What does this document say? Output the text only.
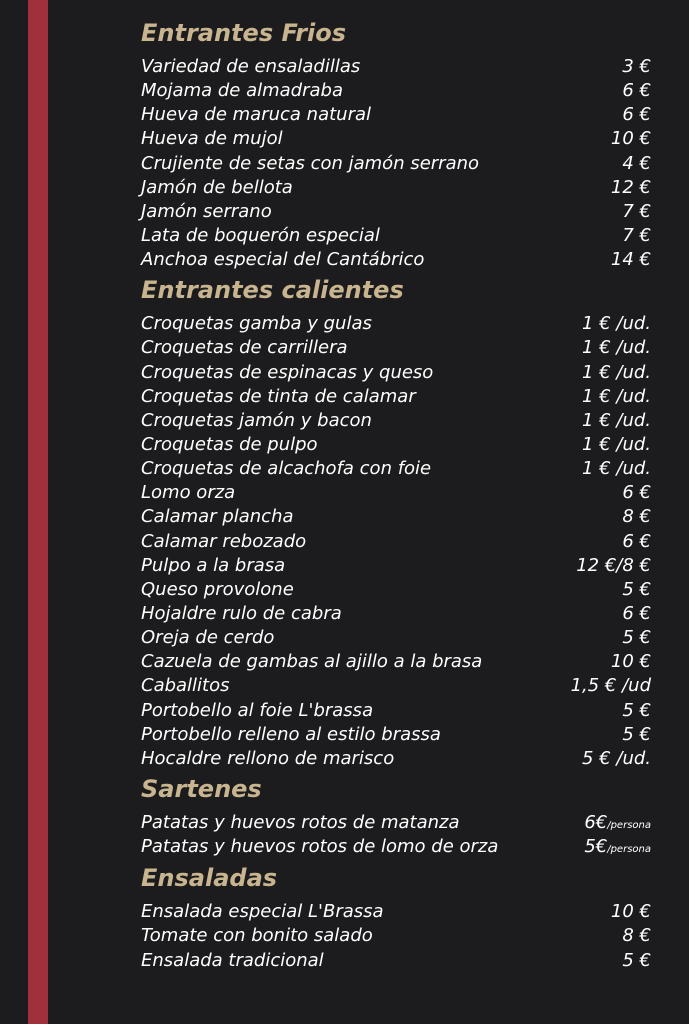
Entrantes Frios
Variedad de ensaladillas	3 €
Mojama de almadraba	6 €
Hueva de maruca natural	6 €
Hueva de mujol	10 €
Crujiente de setas con jamón serrano	4 €
Jamón de bellota	12 €
Jamón serrano	7 €
Lata de boquerón especial	7 €
Anchoa especial del Cantábrico	14 €
Entrantes calientes
Croquetas gamba y gulas	1 € /ud.
Croquetas de carrillera	1 € /ud.
Croquetas de espinacas y queso	1 € /ud.
Croquetas de tinta de calamar	1 € /ud.
Croquetas jamón y bacon	1 € /ud.
Croquetas de pulpo	1 € /ud.
Croquetas de alcachofa con foie	1 € /ud.
Lomo orza	6 €
Calamar plancha	8 €
Calamar rebozado	6 €
Pulpo a la brasa	12 €/8 €
Queso provolone	5 €
Hojaldre rulo de cabra	6 €
Oreja de cerdo	5 €
Cazuela de gambas al ajillo a la brasa	10 €
Caballitos	1,5 € /ud
Portobello al foie L'brassa	5 €
Portobello relleno al estilo brassa	5 €
Hocaldre rellono de marisco	5 € /ud.
Sartenes
Patatas y huevos rotos de matanza	6€/persona
Patatas y huevos rotos de lomo de orza	5€/persona
Ensaladas
Ensalada especial L'Brassa	10 €
Tomate con bonito salado	8 €
Ensalada tradicional	5 €
